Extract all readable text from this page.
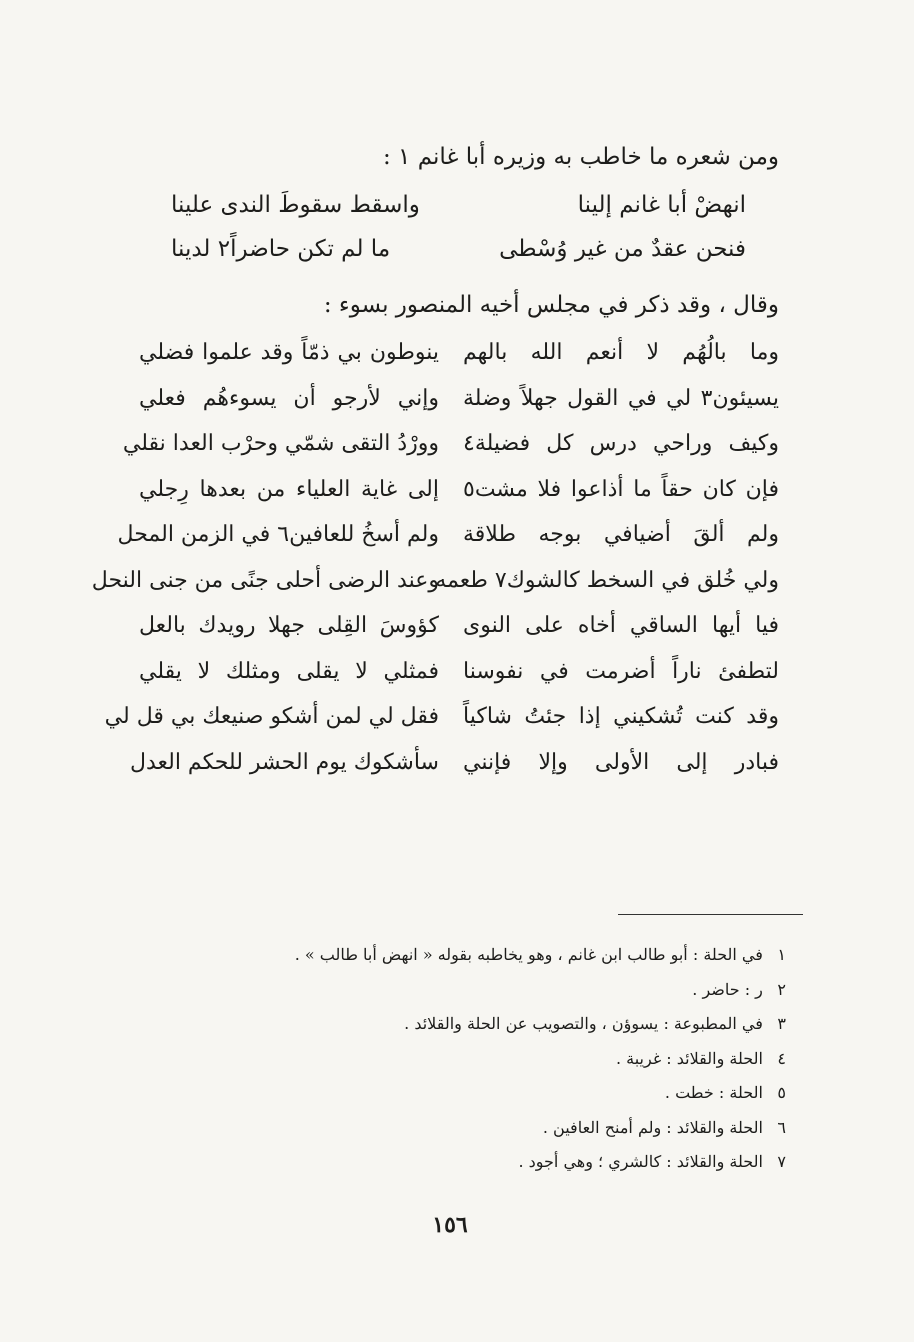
ومن شعره ما خاطب به وزيره أبا غانم ١ :
انهضْ أبا غانم إلينا
واسقط سقوطَ الندى علينا
فنحن عقدٌ من غير وُسْطى
ما لم تكن حاضراً٢ لدينا
وقال ، وقد ذكر في مجلس أخيه المنصور بسوء :
وما بالُهُم لا أنعم الله بالهم
ينوطون بي ذمّاً وقد علموا فضلي
يسيئون٣ لي في القول جهلاً وضلة
وإني لأرجو أن يسوءهُم فعلي
وكيف وراحي درس كل فضيلة٤
وورْدُ التقى شمّي وحرْب العدا نقلي
فإن كان حقاً ما أذاعوا فلا مشت٥
إلى غاية العلياء من بعدها رِجلي
ولم ألقَ أضيافي بوجه طلاقة
ولم أسخُ للعافين٦ في الزمن المحل
ولي خُلق في السخط كالشوك٧ طعمه
وعند الرضى أحلى جنًى من جنى النحل
فيا أيها الساقي أخاه على النوى
كؤوسَ القِلى جهلا رويدك بالعل
لتطفئ ناراً أضرمت في نفوسنا
فمثلي لا يقلى ومثلك لا يقلي
وقد كنت تُشكيني إذا جئتُ شاكياً
فقل لي لمن أشكو صنيعك بي قل لي
فبادر إلى الأولى وإلا فإنني
سأشكوك يوم الحشر للحكم العدل
١ في الحلة : أبو طالب ابن غانم ، وهو يخاطبه بقوله « انهض أبا طالب » .
٢ ر : حاضر .
٣ في المطبوعة : يسوؤن ، والتصويب عن الحلة والقلائد .
٤ الحلة والقلائد : غريبة .
٥ الحلة : خطت .
٦ الحلة والقلائد : ولم أمنح العافين .
٧ الحلة والقلائد : كالشري ؛ وهي أجود .
١٥٦
